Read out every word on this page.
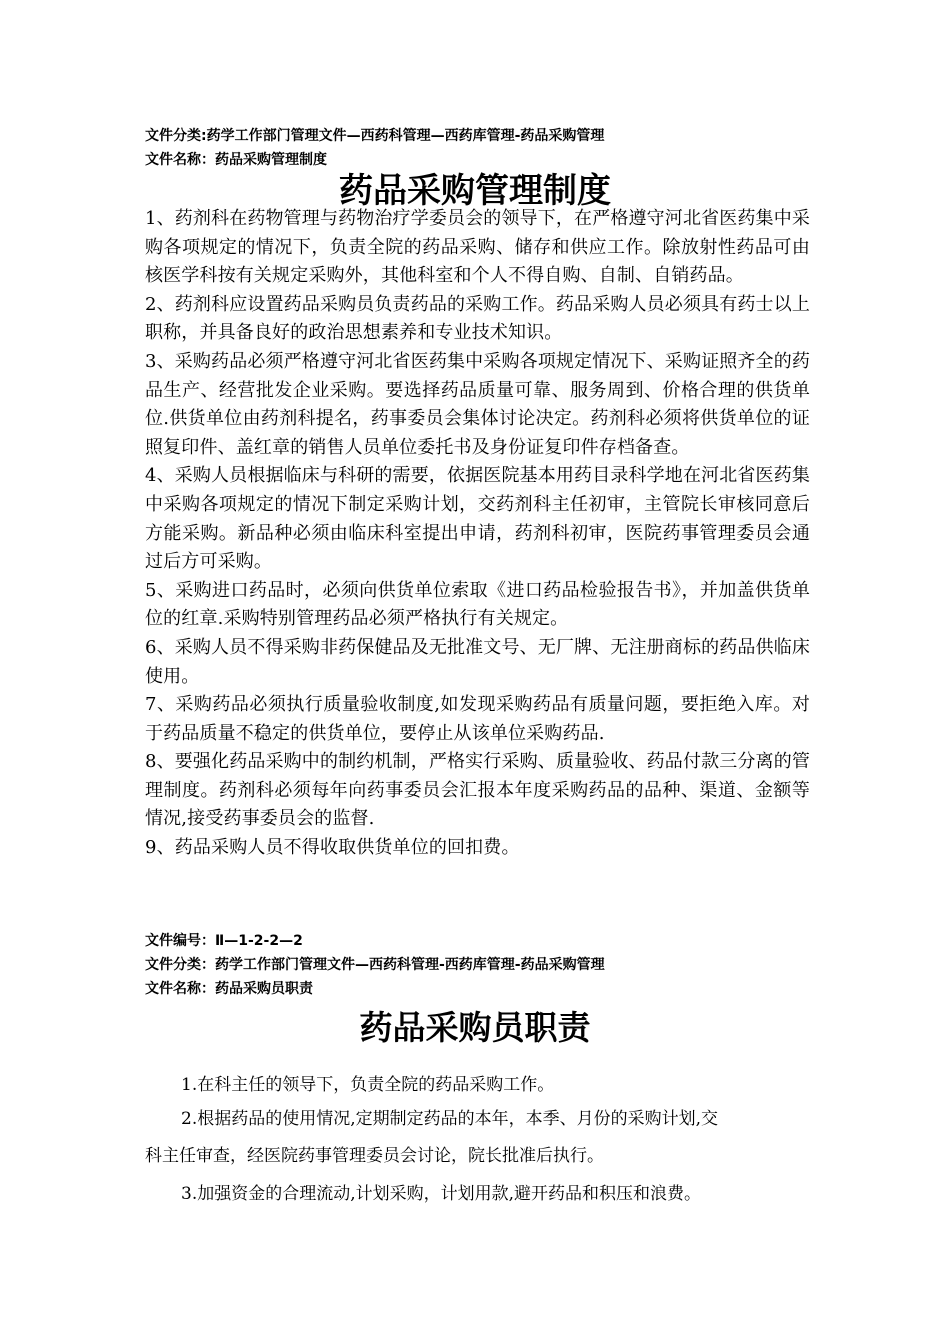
文件分类:药学工作部门管理文件—西药科管理—西药库管理-药品采购管理
文件名称：药品采购管理制度
药品采购管理制度

1、药剂科在药物管理与药物治疗学委员会的领导下，在严格遵守河北省医药集中采购各项规定的情况下，负责全院的药品采购、储存和供应工作。除放射性药品可由核医学科按有关规定采购外，其他科室和个人不得自购、自制、自销药品。

2、药剂科应设置药品采购员负责药品的采购工作。药品采购人员必须具有药士以上职称，并具备良好的政治思想素养和专业技术知识。

3、采购药品必须严格遵守河北省医药集中采购各项规定情况下、采购证照齐全的药品生产、经营批发企业采购。要选择药品质量可靠、服务周到、价格合理的供货单位.供货单位由药剂科提名，药事委员会集体讨论决定。药剂科必须将供货单位的证照复印件、盖红章的销售人员单位委托书及身份证复印件存档备查。

4、采购人员根据临床与科研的需要，依据医院基本用药目录科学地在河北省医药集中采购各项规定的情况下制定采购计划，交药剂科主任初审，主管院长审核同意后方能采购。新品种必须由临床科室提出申请，药剂科初审，医院药事管理委员会通过后方可采购。

5、采购进口药品时，必须向供货单位索取《进口药品检验报告书》，并加盖供货单位的红章.采购特别管理药品必须严格执行有关规定。

6、采购人员不得采购非药保健品及无批准文号、无厂牌、无注册商标的药品供临床使用。

7、采购药品必须执行质量验收制度,如发现采购药品有质量问题，要拒绝入库。对于药品质量不稳定的供货单位，要停止从该单位采购药品.

8、要强化药品采购中的制约机制，严格实行采购、质量验收、药品付款三分离的管理制度。药剂科必须每年向药事委员会汇报本年度采购药品的品种、渠道、金额等情况,接受药事委员会的监督.

9、药品采购人员不得收取供货单位的回扣费。

文件编号：Ⅱ—1-2-2—2
文件分类：药学工作部门管理文件—西药科管理-西药库管理-药品采购管理
文件名称：药品采购员职责
药品采购员职责
1.在科主任的领导下，负责全院的药品采购工作。
2.根据药品的使用情况,定期制定药品的本年，本季、月份的采购计划,交
科主任审查，经医院药事管理委员会讨论，院长批准后执行。
3.加强资金的合理流动,计划采购，计划用款,避开药品和积压和浪费。
